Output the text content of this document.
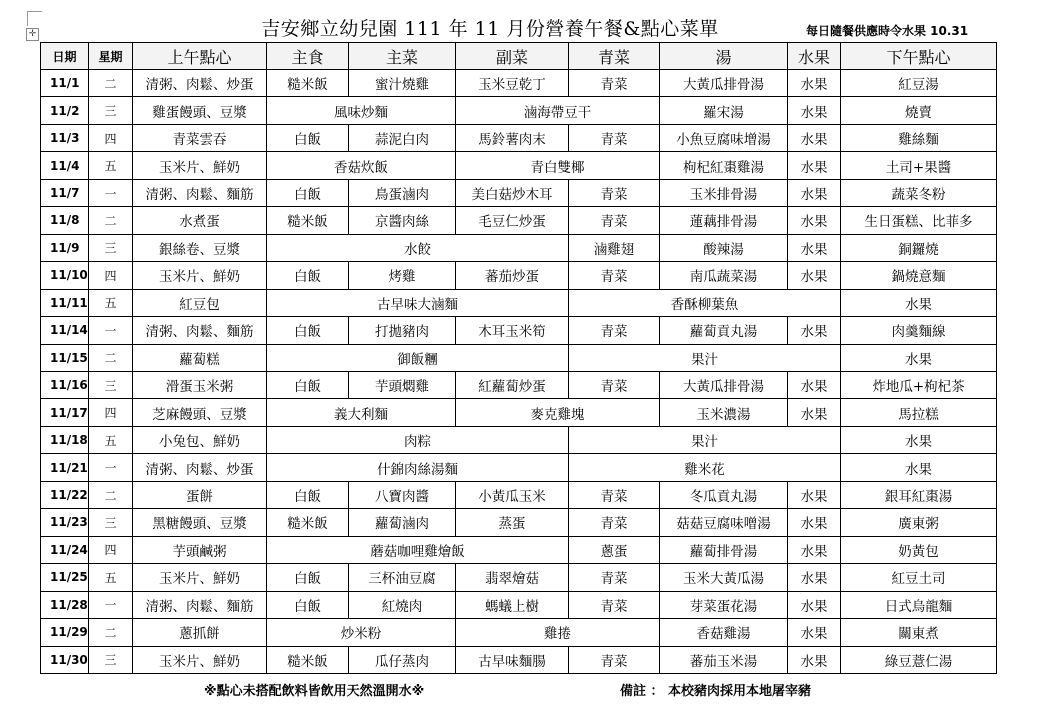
✛	吉安鄉立幼兒園 111 年 11 月份營養午餐&點心菜單	每日隨餐供應時令水果 10.31
日期	星期	上午點心	主食	主菜	副菜	青菜	湯	水果	下午點心	
11/1	二	清粥、肉鬆、炒蛋	糙米飯	蜜汁燒雞	玉米豆乾丁	青菜	大黃瓜排骨湯	水果	紅豆湯	
11/2	三	雞蛋饅頭、豆漿	風味炒麵		滷海帶豆干		羅宋湯	水果	燒賣	
11/3	四	青菜雲吞	白飯	蒜泥白肉	馬鈴薯肉末	青菜	小魚豆腐味增湯	水果	雞絲麵	
11/4	五	玉米片、鮮奶	香菇炊飯		青白雙椰		枸杞紅棗雞湯	水果	土司+果醬	
11/7	一	清粥、肉鬆、麵筋	白飯	鳥蛋滷肉	美白菇炒木耳	青菜	玉米排骨湯	水果	蔬菜冬粉	
11/8	二	水煮蛋	糙米飯	京醬肉絲	毛豆仁炒蛋	青菜	蓮藕排骨湯	水果	生日蛋糕、比菲多	
11/9	三	銀絲卷、豆漿	水餃			滷雞翅	酸辣湯	水果	銅鑼燒	
11/10	四	玉米片、鮮奶	白飯	烤雞	蕃茄炒蛋	青菜	南瓜蔬菜湯	水果	鍋燒意麵	
11/11	五	紅豆包	古早味大滷麵			香酥柳葉魚			水果	
11/14	一	清粥、肉鬆、麵筋	白飯	打拋豬肉	木耳玉米筍	青菜	蘿蔔貢丸湯	水果	肉羹麵線	
11/15	二	蘿蔔糕	御飯糰			果汁			水果	
11/16	三	滑蛋玉米粥	白飯	芋頭燜雞	紅蘿蔔炒蛋	青菜	大黃瓜排骨湯	水果	炸地瓜+枸杞茶	
11/17	四	芝麻饅頭、豆漿	義大利麵		麥克雞塊		玉米濃湯	水果	馬拉糕	
11/18	五	小兔包、鮮奶	肉粽			果汁			水果	
11/21	一	清粥、肉鬆、炒蛋	什錦肉絲湯麵			雞米花			水果	
11/22	二	蛋餅	白飯	八寶肉醬	小黃瓜玉米	青菜	冬瓜貢丸湯	水果	銀耳紅棗湯	
11/23	三	黑糖饅頭、豆漿	糙米飯	蘿蔔滷肉	蒸蛋	青菜	菇菇豆腐味噌湯	水果	廣東粥	
11/24	四	芋頭鹹粥	蘑菇咖哩雞燴飯			蔥蛋	蘿蔔排骨湯	水果	奶黃包	
11/25	五	玉米片、鮮奶	白飯	三杯油豆腐	翡翠燴菇	青菜	玉米大黃瓜湯	水果	紅豆土司	
11/28	一	清粥、肉鬆、麵筋	白飯	紅燒肉	螞蟻上樹	青菜	芽菜蛋花湯	水果	日式烏龍麵	
11/29	二	蔥抓餅	炒米粉		雞捲		香菇雞湯	水果	關東煮	
11/30	三	玉米片、鮮奶	糙米飯	瓜仔蒸肉	古早味麵腸	青菜	蕃茄玉米湯	水果	綠豆薏仁湯	
※點心未搭配飲料皆飲用天然溫開水※	備註 ： 本校豬肉採用本地屠宰豬
